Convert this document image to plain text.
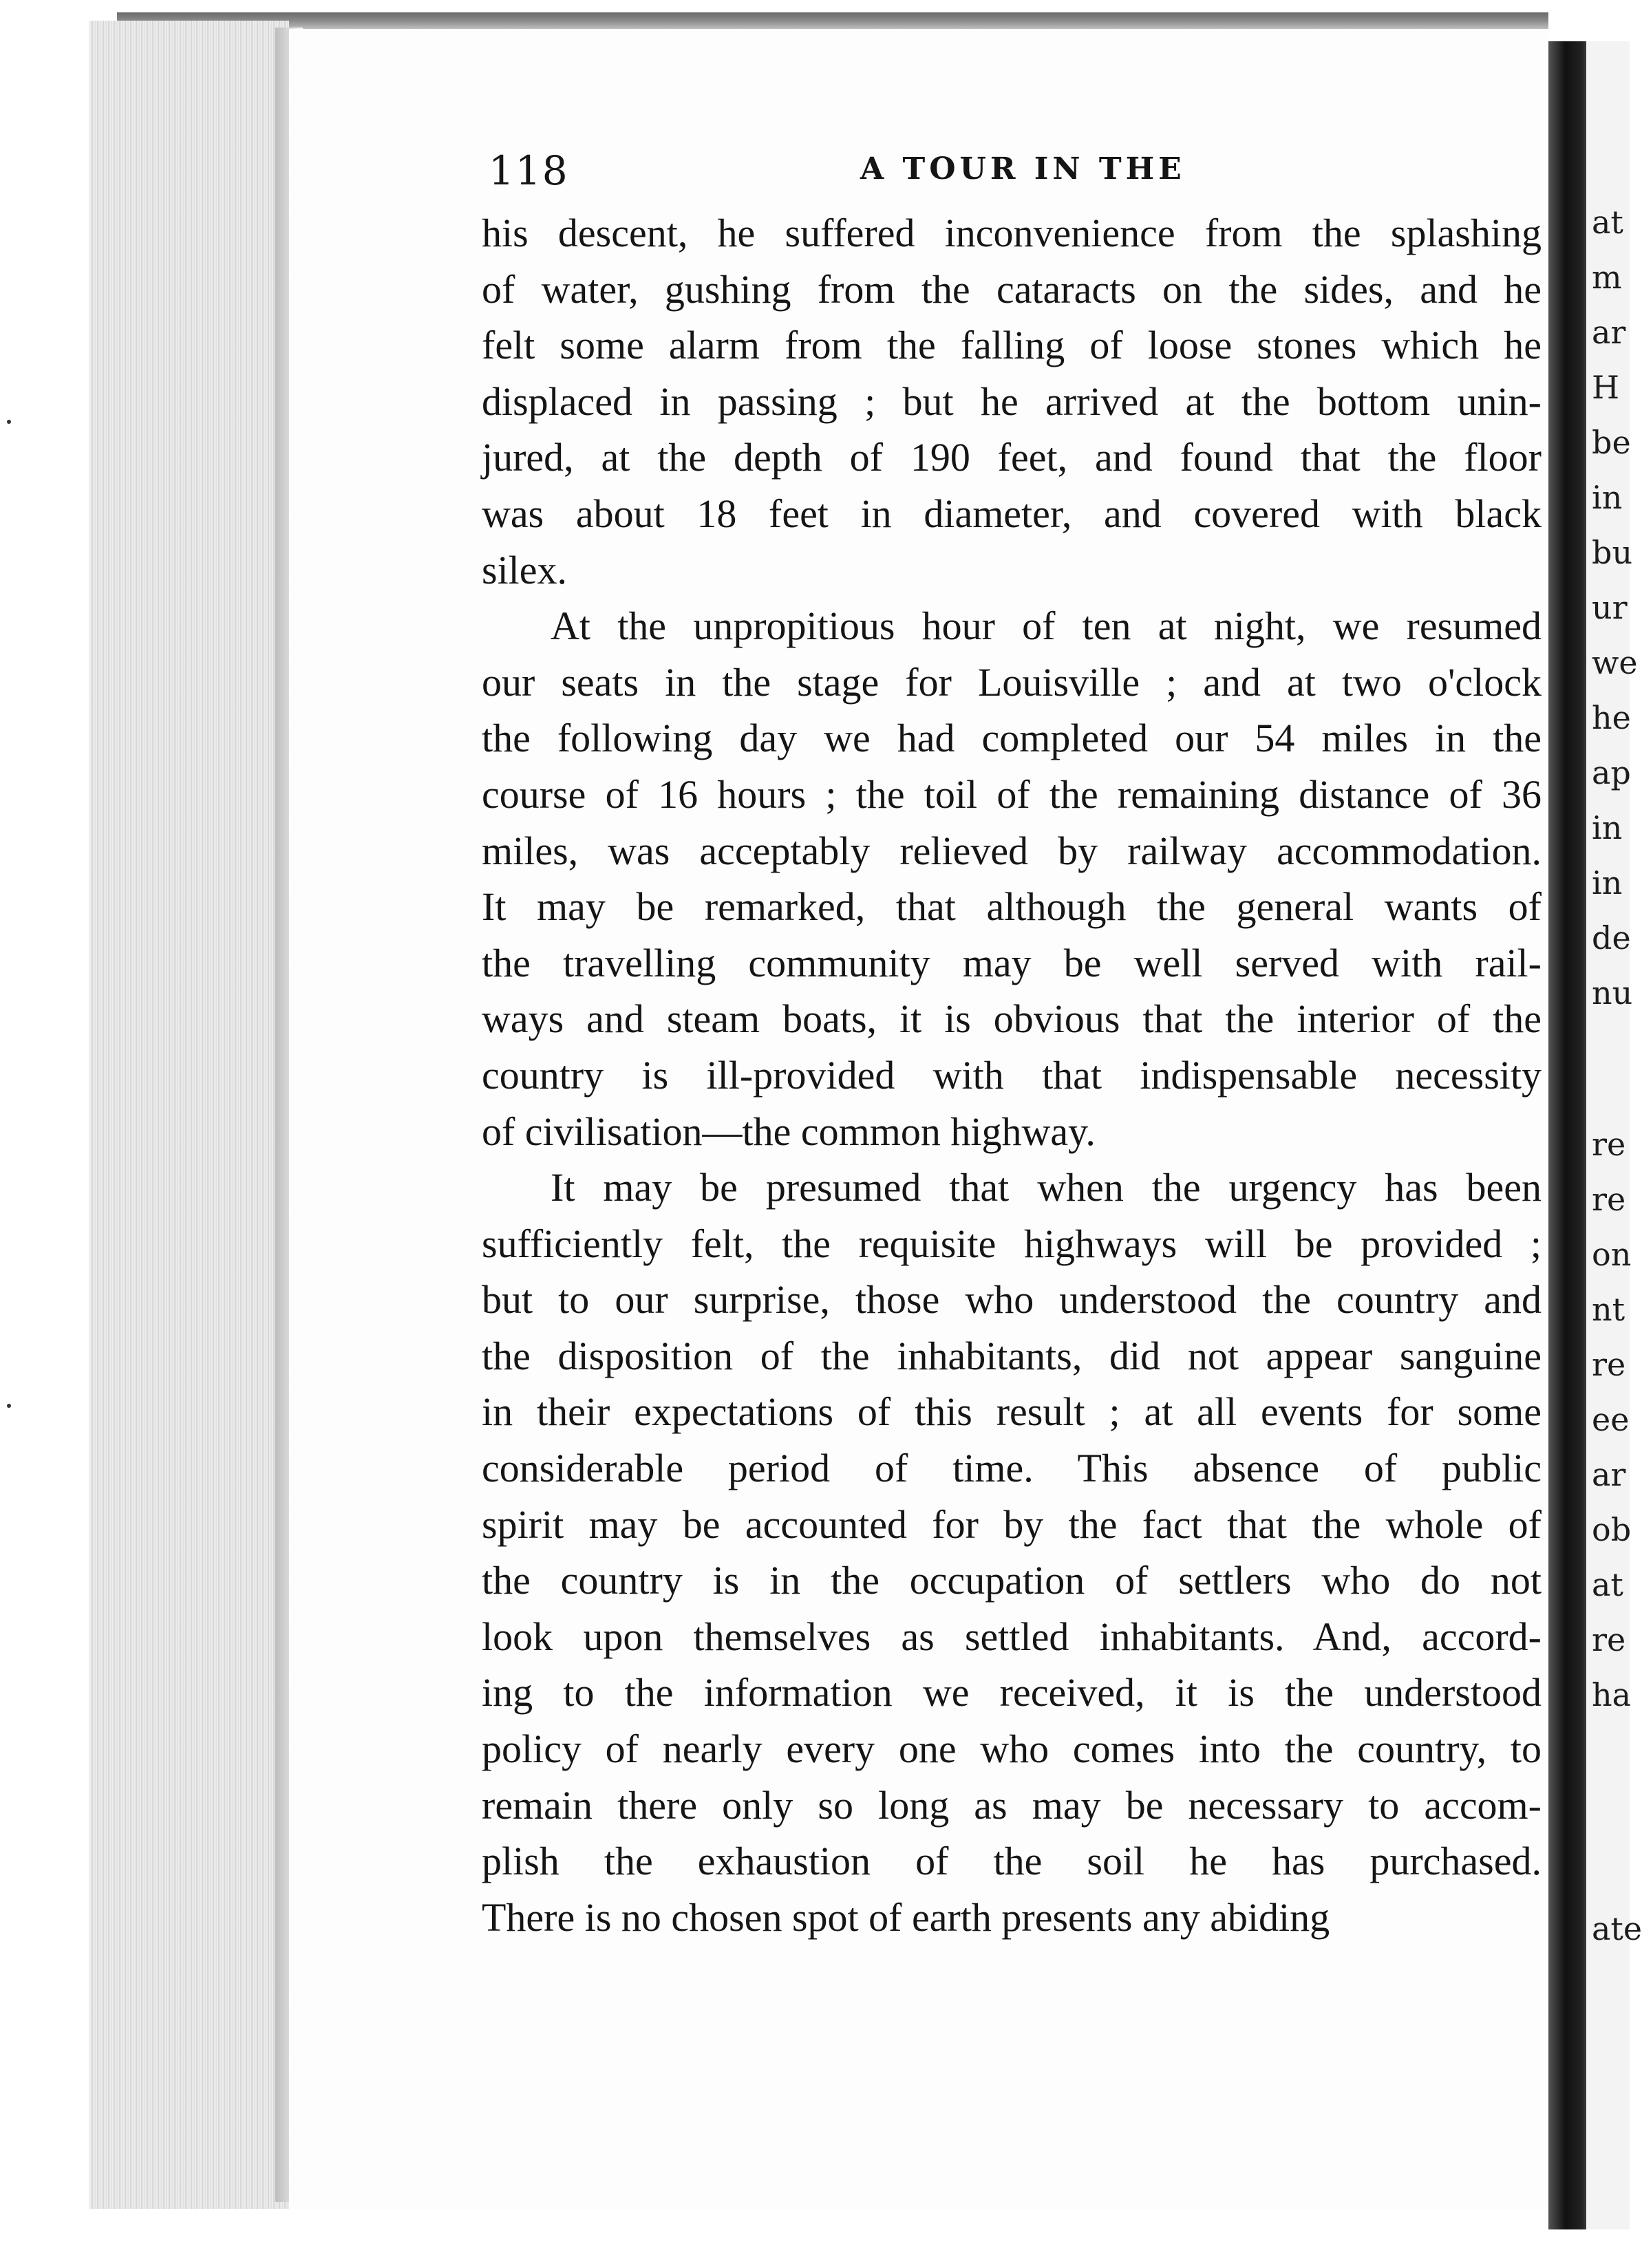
at
m
ar
H
be
in
bu
ur
we
he
ap
in
in
de
nu
re
re
on
nt
re
ee
ar
ob
at
re
ha
ate
118	A TOUR IN THE
his descent, he suffered inconvenience from the splashing
of water, gushing from the cataracts on the sides, and he
felt some alarm from the falling of loose stones which he
displaced in passing ; but he arrived at the bottom unin-
jured, at the depth of 190 feet, and found that the floor
was about 18 feet in diameter, and covered with black
silex.
At the unpropitious hour of ten at night, we resumed
our seats in the stage for Louisville ; and at two o'clock
the following day we had completed our 54 miles in the
course of 16 hours ; the toil of the remaining distance of 36
miles, was acceptably relieved by railway accommodation.
It may be remarked, that although the general wants of
the travelling community may be well served with rail-
ways and steam boats, it is obvious that the interior of the
country is ill-provided with that indispensable necessity
of civilisation—the common highway.
It may be presumed that when the urgency has been
sufficiently felt, the requisite highways will be provided ;
but to our surprise, those who understood the country and
the disposition of the inhabitants, did not appear sanguine
in their expectations of this result ; at all events for some
considerable period of time. This absence of public
spirit may be accounted for by the fact that the whole of
the country is in the occupation of settlers who do not
look upon themselves as settled inhabitants. And, accord-
ing to the information we received, it is the understood
policy of nearly every one who comes into the country, to
remain there only so long as may be necessary to accom-
plish the exhaustion of the soil he has purchased.
There is no chosen spot of earth presents any abiding
